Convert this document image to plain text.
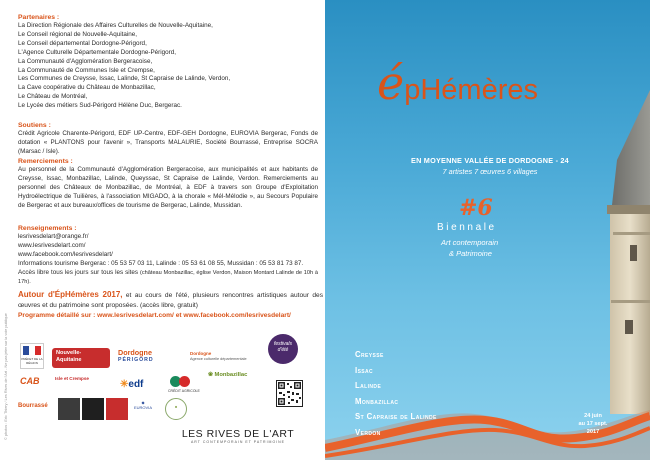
Partenaires :
La Direction Régionale des Affaires Culturelles de Nouvelle-Aquitaine,
Le Conseil régional de Nouvelle-Aquitaine,
Le Conseil départemental Dordogne-Périgord,
L'Agence Culturelle Départementale Dordogne-Périgord,
La Communauté d'Agglomération Bergeracoise,
La Communauté de Communes Isle et Crempse,
Les Communes de Creysse, Issac, Lalinde, St Capraise de Lalinde, Verdon,
La Cave coopérative du Château de Monbazillac,
Le Château de Montréal,
Le Lycée des métiers Sud-Périgord Hélène Duc, Bergerac.
Soutiens :
Crédit Agricole Charente-Périgord, EDF UP-Centre, EDF-GEH Dordogne, EUROVIA Bergerac, Fonds de dotation « PLANTONS pour l'avenir », Transports MALAURIE, Société Bourrassé, Entreprise SOCRA (Marsac / Isle).
Remerciements :
Au personnel de la Communauté d'Agglomération Bergeracoise, aux municipalités et aux habitants de Creysse, Issac, Monbazillac, Lalinde, Queyssac, St Capraise de Lalinde, Verdon. Remerciements au personnel des Châteaux de Monbazillac, de Montréal, à EDF à travers son Groupe d'Exploitation Hydroélectrique de Tuilières, à l'association MIGADO, à la chorale « Mél-Mélodie », au Secours Populaire de Bergerac et aux bureaux/offices de tourisme de Bergerac, Lalinde, Mussidan.
Renseignements :
lesrivesdelart@orange.fr/
www.lesrivesdelart.com/
www.facebook.com/lesrivesdelart/
Informations tourisme Bergerac : 05 53 57 03 11, Lalinde : 05 53 61 08 55, Mussidan : 05 53 81 73 87.
Accès libre tous les jours sur tous les sites (château Monbazillac, église Verdon, Maison Montard Lalinde de 10h à 17h).
Autour d'ÉpHémères 2017, et au cours de l'été, plusieurs rencontres artistiques autour des œuvres et du patrimoine sont proposées. (accès libre, gratuit)
Programme détaillé sur : www.lesrivesdelart.com/ et www.facebook.com/lesrivesdelart/
© photos : Eric Thiery / Les Rives de l'Art - Ne pas jeter sur la voie publique	PRÉFET DE LA RÉGION
Nouvelle-Aquitaine
Dordogne
PÉRIGORD
Dordogne
Agence culturelle départementale
festivals d'été
CAB	Isle et Crempse
✳edf
CRÉDIT AGRICOLE
❀ Monbazillac
Bourrassé
◆
EUROVIA	♣
LES RIVES DE L'ART
ART CONTEMPORAIN ET PATRIMOINE
épHémères
EN MOYENNE VALLÉE DE DORDOGNE - 24
7 artistes 7 œuvres 6 villages
#6
Biennale
Art contemporain
& Patrimoine
Creysse
Issac
Lalinde
Monbazillac
St Capraise de Lalinde
Verdon
24 juin
au 17 sept.
2017
